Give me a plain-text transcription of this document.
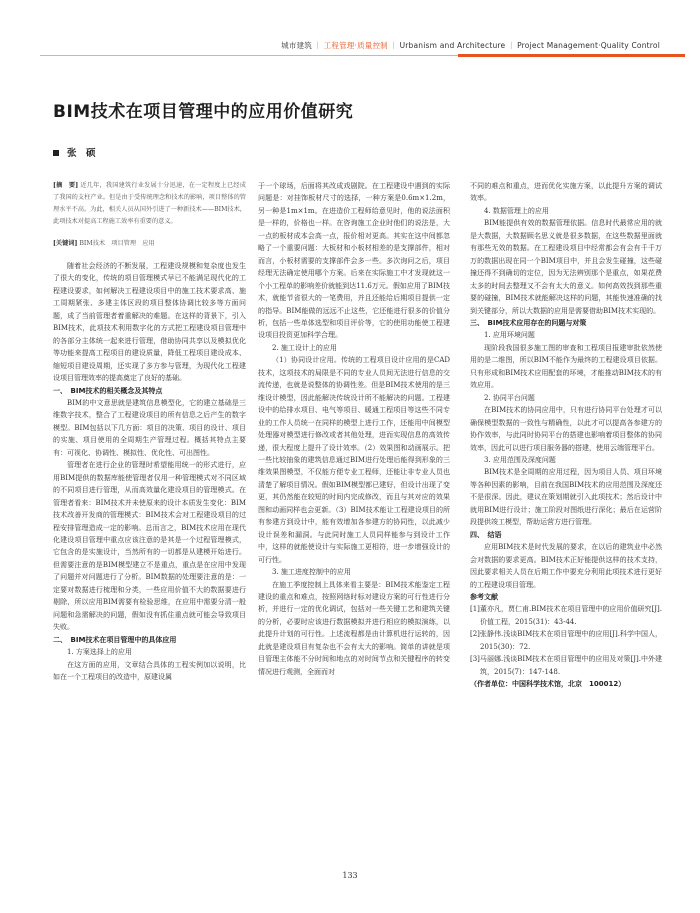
城市建筑 ｜ 工程管理·质量控制 ｜ Urbanism and Architecture ｜ Project Management·Quality Control
BIM技术在项目管理中的应用价值研究
张　硕

[摘　要] 近几年，我国建筑行业发展十分迅速，在一定程度上已经成了我国的支柱产业。但是由于受传统理念和技术的影响，项目整体的管理水平不高。为此，相关人员从国外引进了一种新技术——BIM技术，此项技术对提高工程施工效率有重要的意义。

[关键词] BIM技术　项目管理　应用

随着社会经济的不断发展，工程建设规模和复杂度也发生了很大的变化，传统的项目管理模式早已不能满足现代化的工程建设要求，如何解决工程建设项目中的施工技术要求高、施工周期紧张、多建主体区段的项目整体协调比较多等方面问题，成了当前管理者着重解决的难题。在这样的背景下，引入BIM技术，此项技术利用数字化的方式把工程建设项目管理中的各部分主体统一起来进行管理，借助协同共享以及模拟优化等功能来提高工程项目的建设质量，降低工程项目建设成本、缩短项目建设周期，还实现了多方参与管理，为现代化工程建设项目管理效率的提高奠定了良好的基础。

一、　BIM技术的相关概念及其特点

BIM的中文意思就是建筑信息模型化，它的建立基础是三维数字技术，整合了工程建设项目的所有信息之后产生的数字模型。BIM包括以下几方面：项目的决策、项目的设计、项目的实施、项目使用的全周期生产管理过程。概括其特点主要有：可视化、协调性、模拟性、优化性、可出图性。

管理者在进行企业的管理时希望能用统一的形式进行，应用BIM提供的数据库能使管理者仅用一种管理模式对不同区域的不同项目进行管理，从而高效量化建设项目的管理模式。在管理者看来：BIM技术并未使原来的设计本质发生变化：BIM技术改善开发商的管理模式：BIM技术会对工程建设项目的过程安排管理造成一定的影响。总而言之，BIM技术应用在现代化建设项目管理中重点应该注意的是其是一个过程管理模式，它包含的是实施设计，当然所有的一切都是从建模开始进行。但需要注意的是BIM模型建立不是重点，重点是在应用中发现了问题并对问题进行了分析。BIM数据的处理要注意的是：一定要对数据进行梳理和分类，一些应用价值不大的数据要进行剔除，所以应用BIM需要有检验思维，在应用中需要分清一般问题和急需解决的问题，假如没有抓住重点就可能会导致项目失败。

二、　BIM技术在项目管理中的具体应用

1. 方案选择上的应用

在这方面的应用，文章结合具体的工程实例加以说明，比如在一个工程项目的改造中，原建设属

于一个球场，后面将其改成戏剧院。在工程建设中遇到的实际问题是：对挂饰板材尺寸的选择，一种方案是0.6m×1.2m，另一种是1m×1m。在进造价工程师给意见时，他的说法面积是一样的，价格也一样。在咨询施工企业时他们的说法是，大一点的板材成本会高一点，报价相对更高。其实在这中间都忽略了一个重要问题：大板材和小板材相差的是支撑部件，相对而言，小板材需要的支撑部件会多一些。多次询问之后，项目经理无法确定使用哪个方案。后来在实际施工中才发现就这一个小工程单的影响差价就能到达11.6万元。假如应用了BIM技术，就能节省很大的一笔费用，并且还能给后期项目提供一定的指导。BIM能做的远远不止这些，它还能进行很多的价值分析，包括一些单体选型和项目评价等，它的使用功能使工程建设项目投资更加科学合理。

2. 施工设计上的应用

（1）协同设计应用。传统的工程项目设计应用的是CAD技术，这项技术的局限是不同的专业人员间无法进行信息的交流传递，也就是说整体的协调性差。但是BIM技术使用的是三维设计模型，因此能解决传统设计所不能解决的问题。工程建设中的给排水项目、电气等项目、暖通工程项目等这些不同专业的工作人员统一在同样的模型上进行工作，还能用中间模型处理器对模型进行修改或者其他处理，进而实现信息的高效传递，很大程度上提升了设计效率。（2）效果图和动画展示。把一些比较抽象的建筑信息通过BIM进行处理后能得到形象的三维效果图模型，不仅能方便专业工程师，还能让非专业人员也清楚了解项目情况。假如BIM模型都已建好，但设计出现了变更，其仍然能在较短的时间内完成修改，而且与其对应的效果图和动画同样也会更新。（3）BIM技术能让工程建设项目的所有参建方到设计中，能有效增加各参建方的协同性，以此减少设计误差和漏洞。与此同时施工人员同样能参与到设计工作中，这样的就能使设计与实际施工更相符，进一步增强设计的可行性。

3. 施工进度控制中的应用

在施工季度控制上具体来看主要是：BIM技术能鉴定工程建设的重点和难点，按照网络时标对建设方案的可行性进行分析，并进行一定的优化调试，包括对一些关键工艺和建筑关键的分析，必要时应该进行数据模拟并进行相应的模拟演练，以此提升计划的可行性。上述流程都是由计算机进行运转的，因此就是建设项目有复杂也不会有太大的影响。简单的讲就是项目管理主体能不分时间和地点的对时间节点和关键程序的转变情况进行观测，全面而对

不同的难点和重点，进而优化实施方案，以此提升方案的调试效率。

4. 数据管理上的应用

BIM能提供有效的数据管理依据。信息时代最常应用的就是大数据，大数据顾名思义就是很多数据，在这些数据里面就有那些无效的数据。在工程建设项目中经常都会有会有千千万万的数据出现在同一个BIM项目中，并且会发生碰撞，这些碰撞还得不到确切的定位，因为无法辨别那个是重点，如果花费太多的时间去整理又不会有太大的意义。如何高效找到那些重要的碰撞，BIM技术就能解决这样的问题，其能快速准确的找到关键部分，所以大数据的应用是需要借助BIM技术实现的。

三、　BIM技术应用存在的问题与对策

1. 应用环境问题

现阶段我国很多施工图的审查和工程项目报建审批依然使用的是二维图，所以BIM不能作为最终的工程建设项目依据。只有形成和BIM技术应用配套的环境，才能推动BIM技术的有效应用。

2. 协同平台问题

在BIM技术的协同应用中，只有进行协同平台处理才可以确保模型数据的一致性与精确性，以此才可以提高各参建方的协作效率，与此同时协同平台的搭建也影响着项目整体的协同效率，因此可以进行项目服务器的搭建，使用云端管理平台。

3. 应用范围及深度问题

BIM技术是全周期的应用过程，因为项目人员、项目环境等各种因素的影响，目前在我国BIM技术的应用范围及深度还不是很深。因此，建议在策划期就引入此项技术；然后设计中就用BIM进行设计；施工阶段对图纸进行深化；最后在运营阶段提供竣工模型，帮助运营方进行管理。

四、　结语

应用BIM技术是时代发展的要求，在以后的建筑业中必然会对数据的要求更高。BIM技术正好能提供这样的技术支持，因此要求相关人员在后期工作中要充分利用此项技术进行更好的工程建设项目管理。

参考文献

[1]董亦凡，贾仁甫.BIM技术在项目管理中的应用价值研究[J].价值工程，2015(31)：43-44.

[2]张静伟.浅谈BIM技术在项目管理中的应用[J].科学中国人，2015(30)：72.

[3]马丽娜.浅谈BIM技术在项目管理中的应用及对策[J].中外建筑，2015(7)：147-148.

（作者单位：中国科学技术馆，北京　100012）

133
